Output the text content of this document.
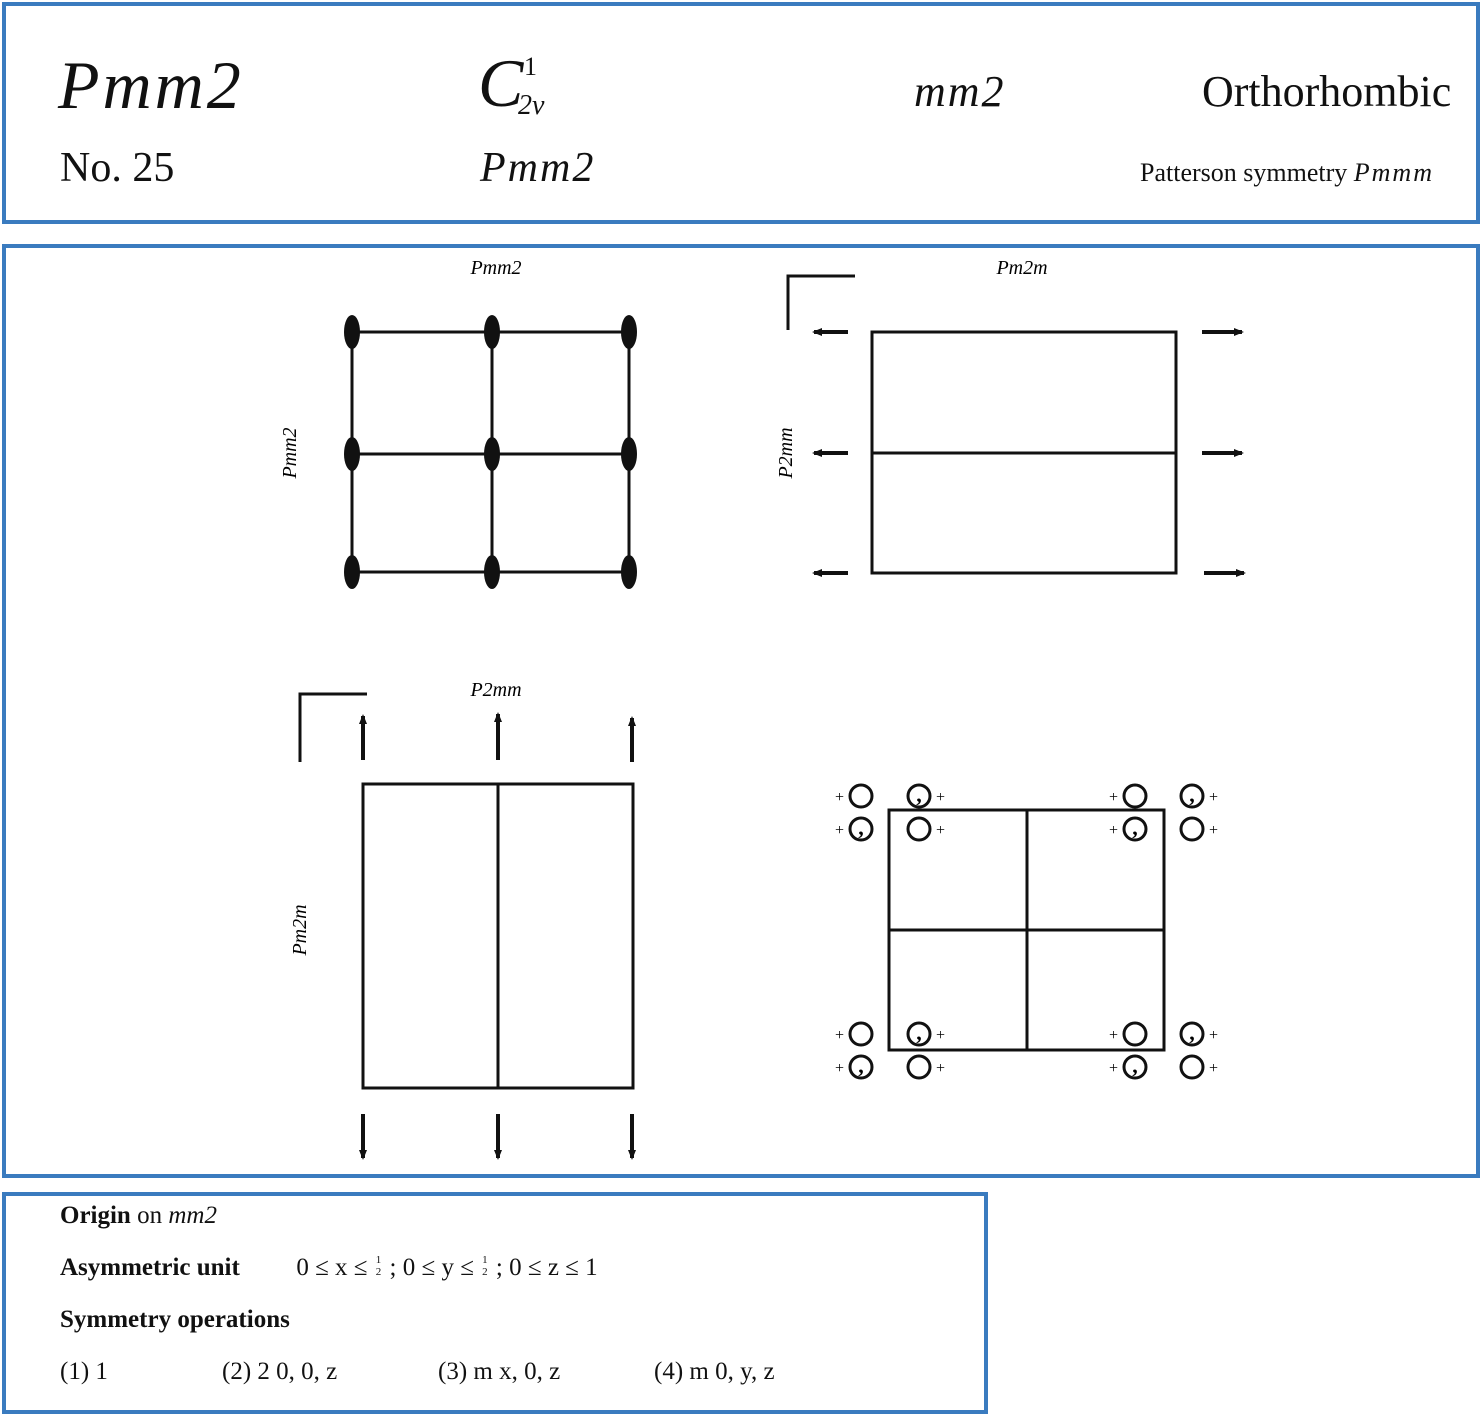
Pmm2
No. 25
C 1
2v
Pmm2
mm2	Orthorhombic
Patterson symmetry Pmmm
Pmm2
Pmm2
Pm2m
P2mm
P2mm
Pm2m
+	, +	+	, +
,
+	+	,
+	+
+	, +	+	, +
,
+	+	,
+	+
Origin on mm2
Asymmetric unit 0 ≤ x ≤ 1
2 ; 0 ≤ y ≤ 1
2 ; 0 ≤ z ≤ 1
Symmetry operations
(1) 1	(2) 2 0, 0, z	(3) m x, 0, z	(4) m 0, y, z
